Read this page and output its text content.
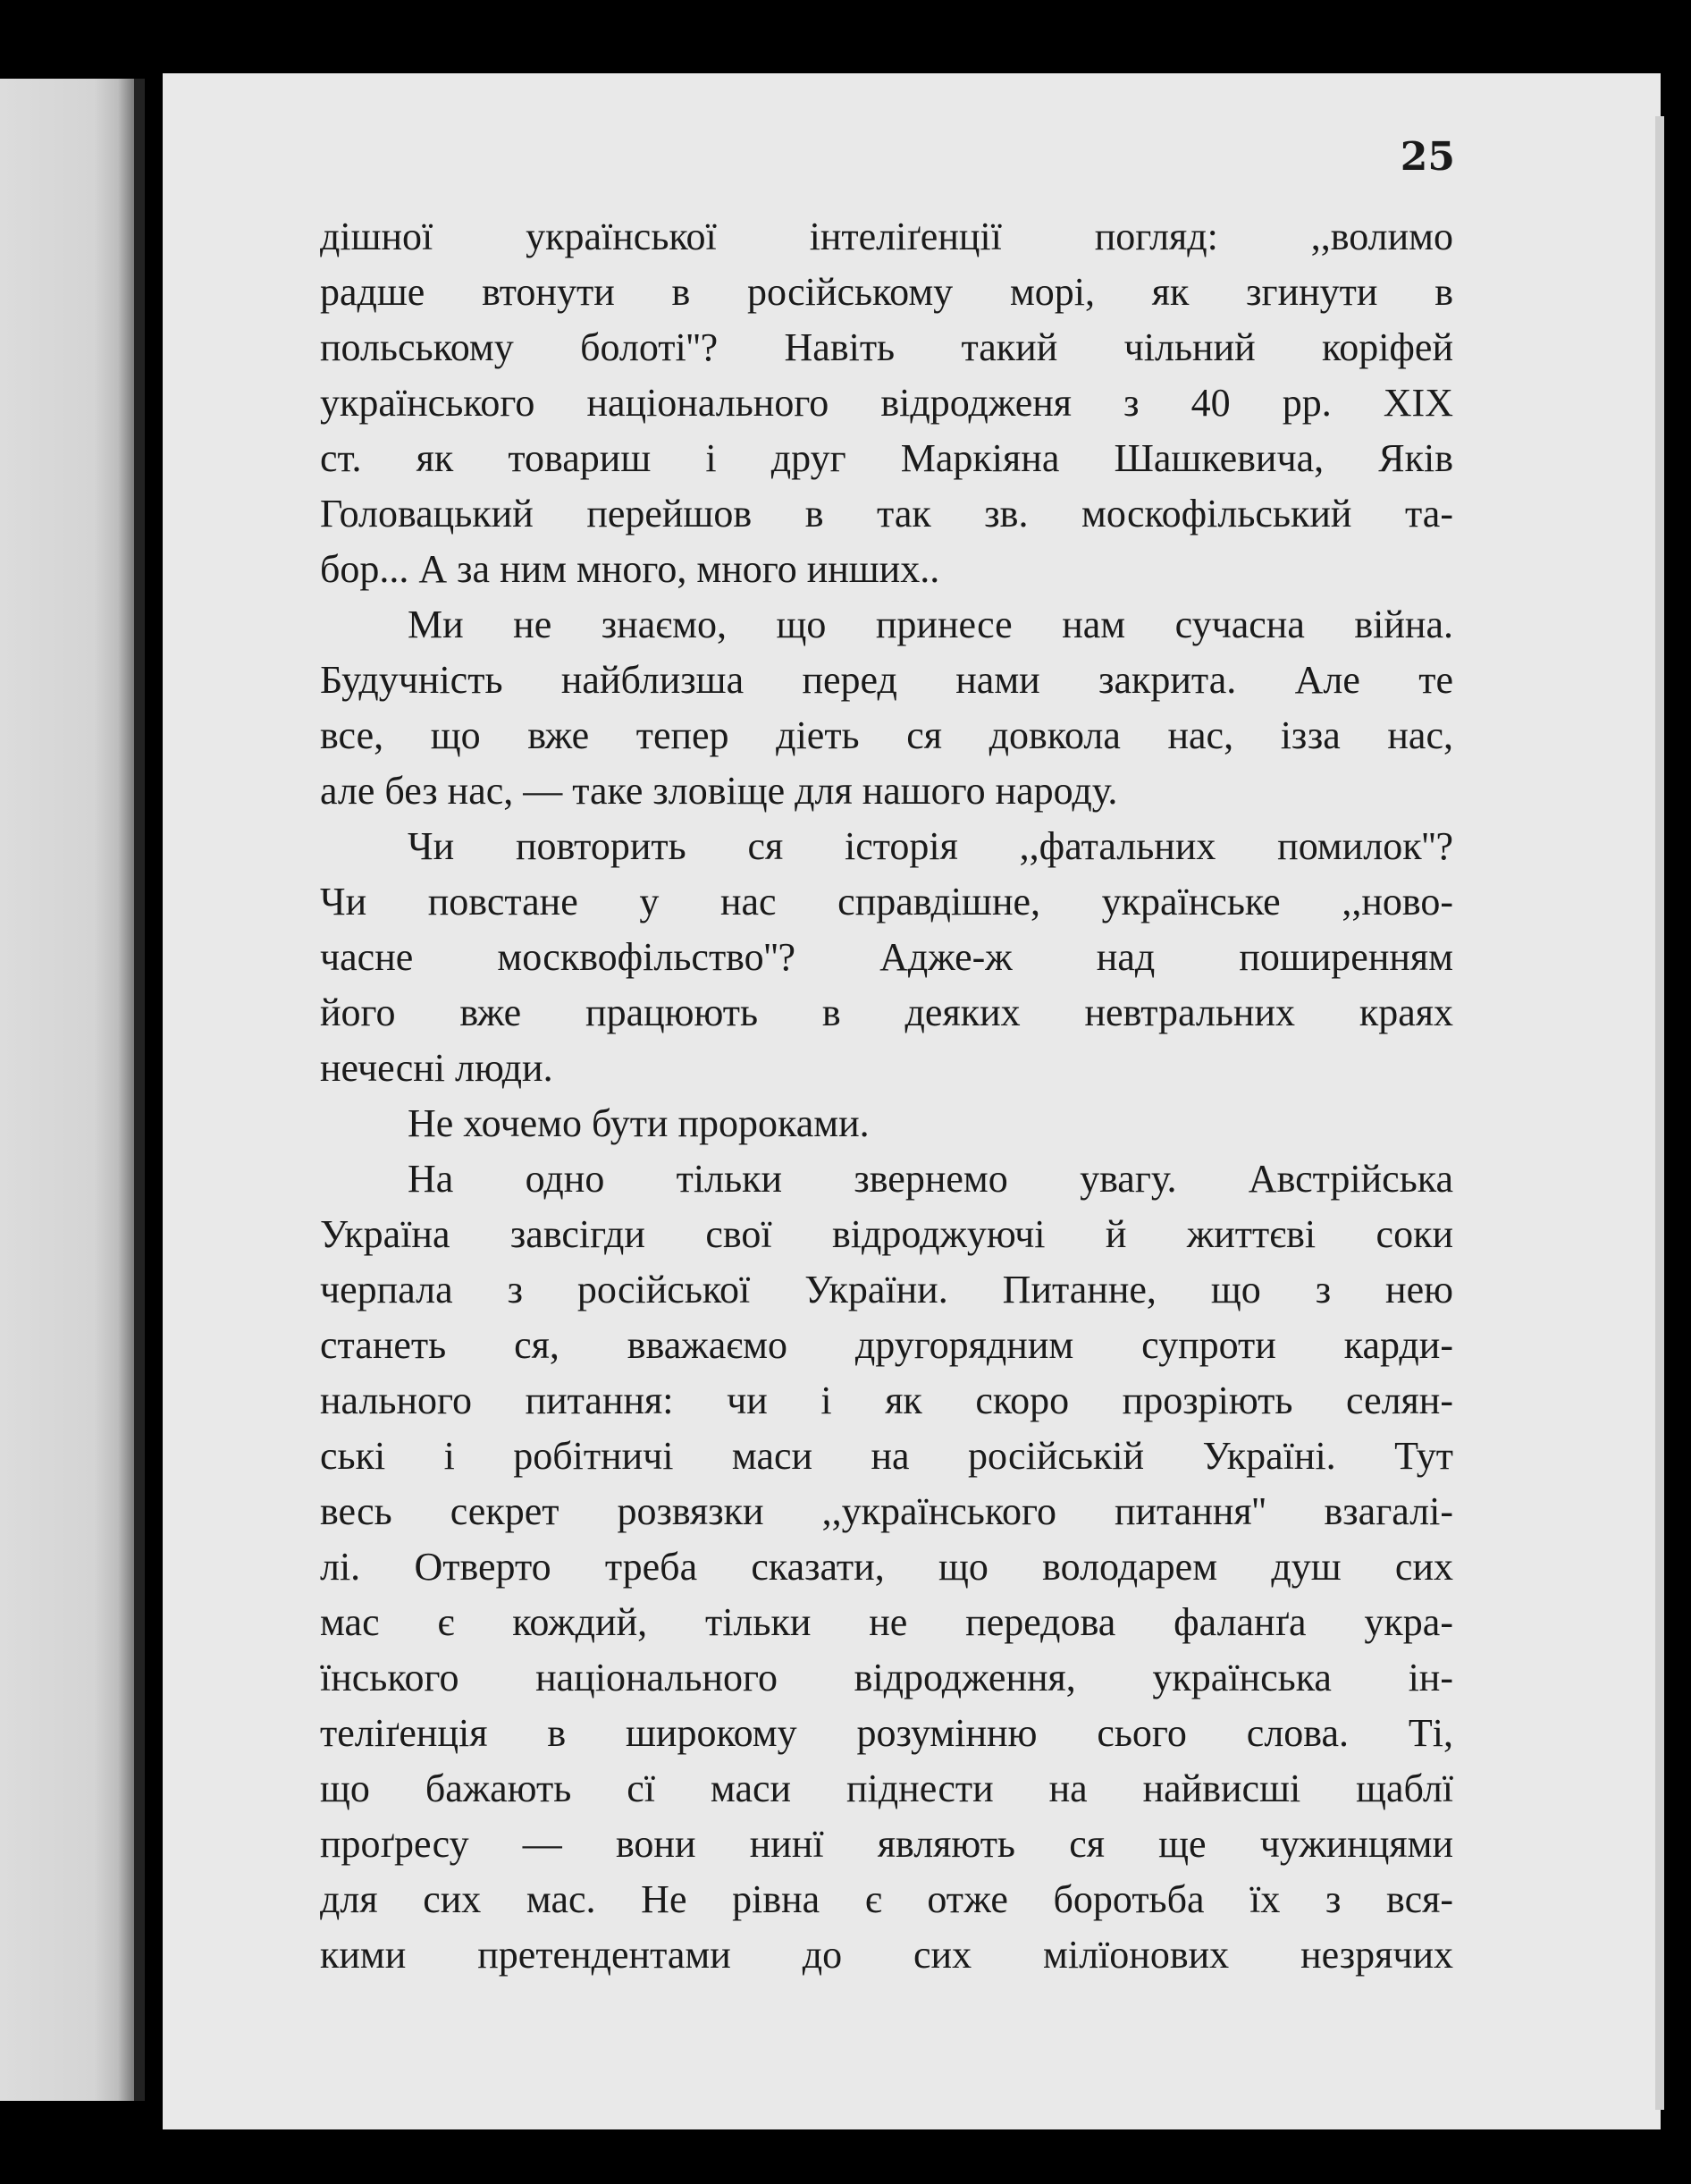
25
дішної української інтеліґенції погляд: ,,волимо
радше втонути в російському морі, як згинути в
польському болоті''? Навіть такий чільний коріфей
українського національного відродженя з 40 рр. XIX
ст. як товариш і друг Маркіяна Шашкевича, Яків
Головацький перейшов в так зв. москофільський та-
бор... А за ним много, много инших..
Ми не знаємо, що принесе нам сучасна війна.
Будучність найблизша перед нами закрита. Але те
все, що вже тепер діеть ся довкола нас, ізза нас,
але без нас, — таке зловіще для нашого народу.
Чи повторить ся історія ,,фатальних помилок''?
Чи повстане у нас справдішне, українське ,,ново-
часне москвофільство''? Адже-ж над поширенням
його вже працюють в деяких невтральних краях
нечесні люди.
Не хочемо бути пророками.
На одно тільки звернемо увагу. Австрійська
Україна завсігди свої відроджуючі й життєві соки
черпала з російської України. Питанне, що з нею
станеть ся, вважаємо другорядним супроти карди-
нального питання: чи і як скоро прозріють селян-
ські і робітничі маси на російській Україні. Тут
весь секрет розвязки ,,українського питання'' взагалі-
лі. Отверто треба сказати, що володарем душ сих
мас є кождий, тільки не передова фаланґа укра-
їнського національного відродження, українська ін-
теліґенція в широкому розумінню сього слова. Ті,
що бажають сї маси піднести на найвисші щаблї
проґресу — вони нинї являють ся ще чужинцями
для сих мас. Не рівна є отже боротьба їх з вся-
кими претендентами до сих мілїонових незрячих
